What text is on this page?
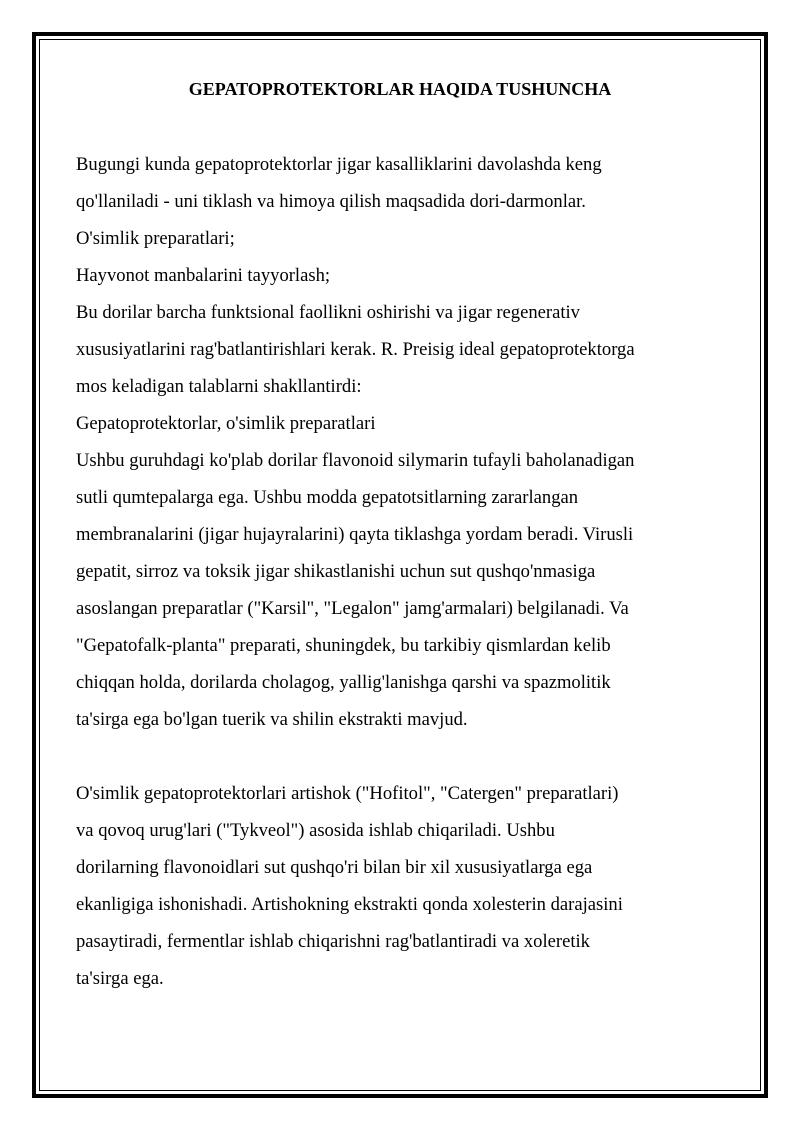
GEPATOPROTEKTORLAR HAQIDA TUSHUNCHA
Bugungi kunda gepatoprotektorlar jigar kasalliklarini davolashda keng
qo'llaniladi - uni tiklash va himoya qilish maqsadida dori-darmonlar.
O'simlik preparatlari;
Hayvonot manbalarini tayyorlash;
Bu dorilar barcha funktsional faollikni oshirishi va jigar regenerativ
xususiyatlarini rag'batlantirishlari kerak. R. Preisig ideal gepatoprotektorga
mos keladigan talablarni shakllantirdi:
Gepatoprotektorlar, o'simlik preparatlari
Ushbu guruhdagi ko'plab dorilar flavonoid silymarin tufayli baholanadigan
sutli qumtepalarga ega. Ushbu modda gepatotsitlarning zararlangan
membranalarini (jigar hujayralarini) qayta tiklashga yordam beradi. Virusli
gepatit, sirroz va toksik jigar shikastlanishi uchun sut qushqo'nmasiga
asoslangan preparatlar ("Karsil", "Legalon" jamg'armalari) belgilanadi. Va
"Gepatofalk-planta" preparati, shuningdek, bu tarkibiy qismlardan kelib
chiqqan holda, dorilarda cholagog, yallig'lanishga qarshi va spazmolitik
ta'sirga ega bo'lgan tuerik va shilin ekstrakti mavjud.
O'simlik gepatoprotektorlari artishok ("Hofitol", "Catergen" preparatlari)
va qovoq urug'lari ("Tykveol") asosida ishlab chiqariladi. Ushbu
dorilarning flavonoidlari sut qushqo'ri bilan bir xil xususiyatlarga ega
ekanligiga ishonishadi. Artishokning ekstrakti qonda xolesterin darajasini
pasaytiradi, fermentlar ishlab chiqarishni rag'batlantiradi va xoleretik
ta'sirga ega.
